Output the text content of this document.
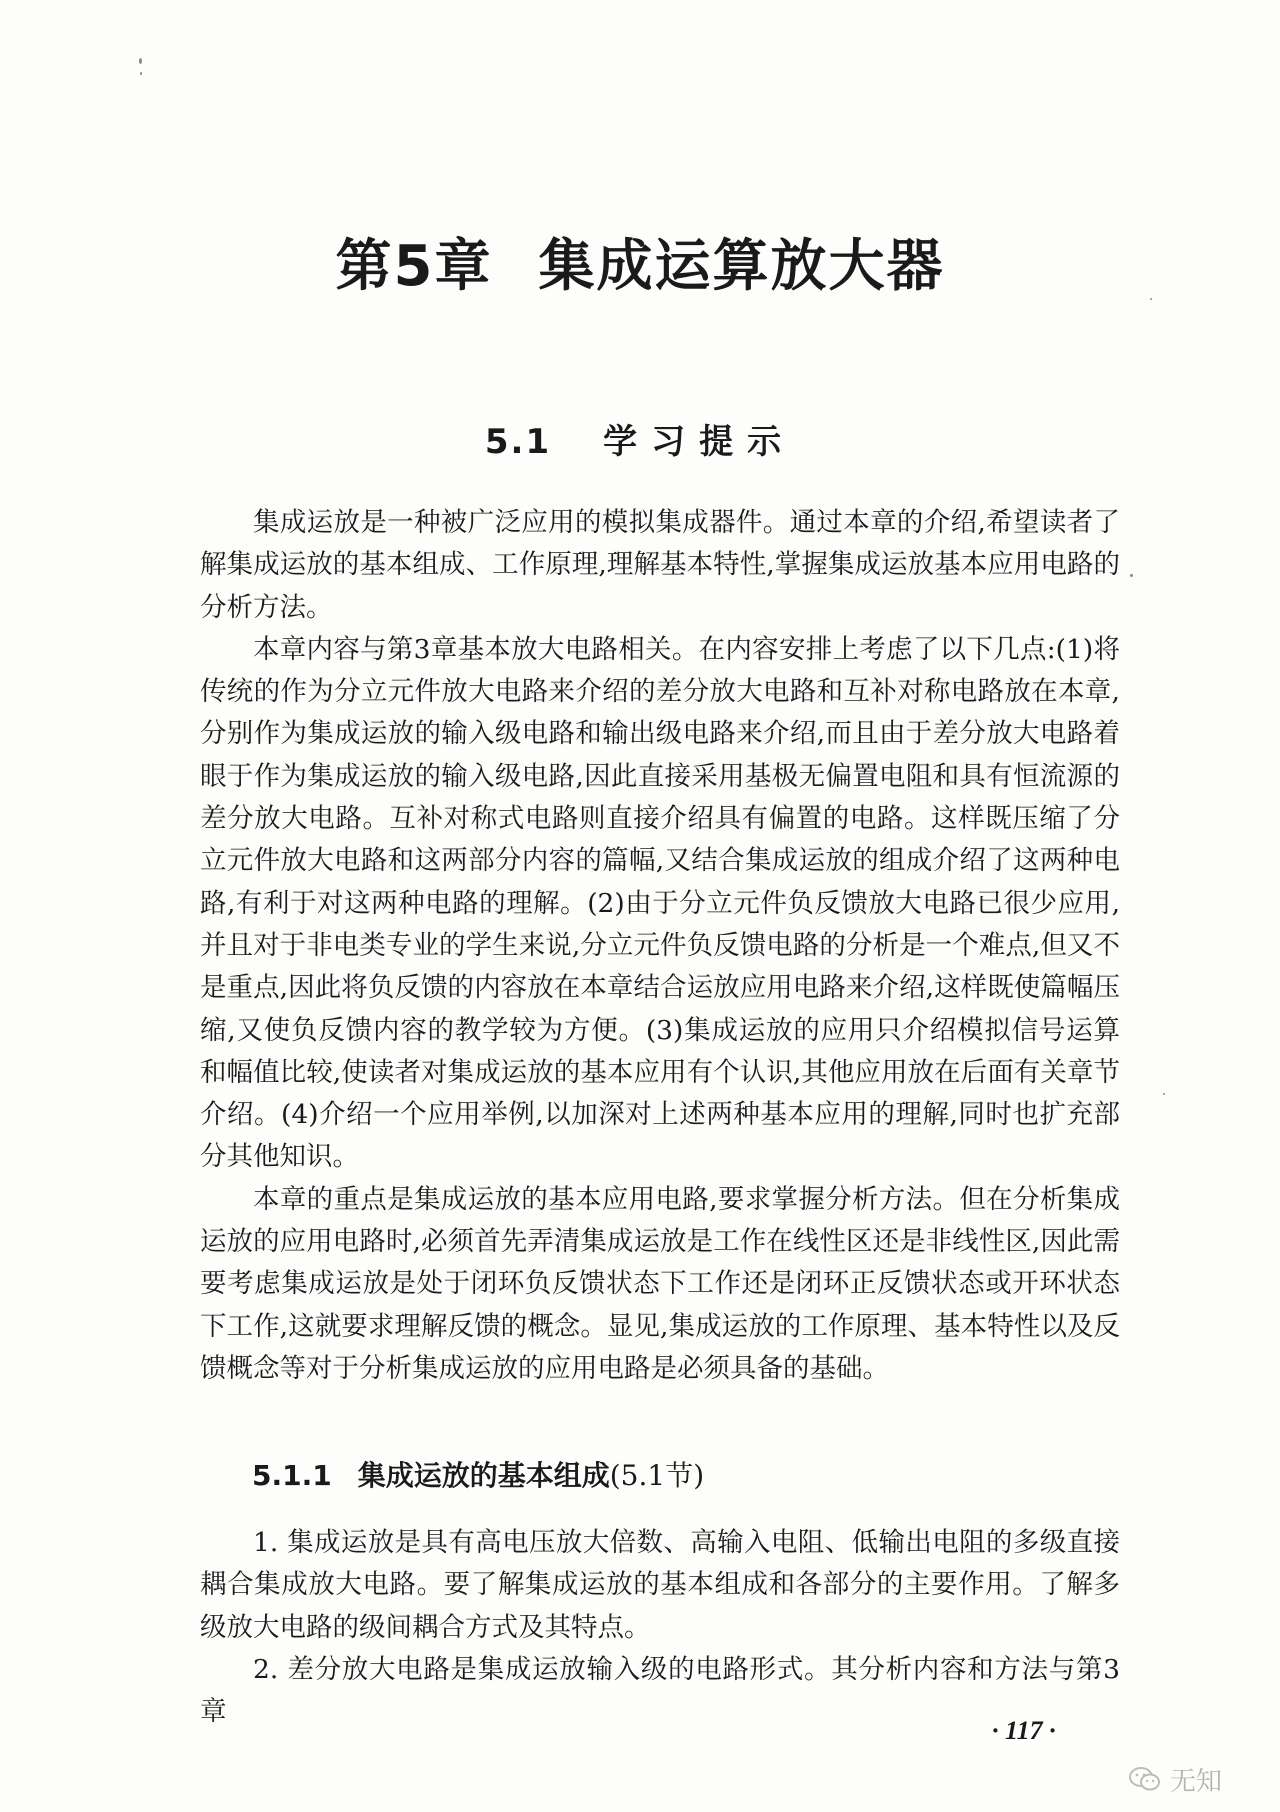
第5章 集成运算放大器
5.1 学习提示

集成运放是一种被广泛应用的模拟集成器件。通过本章的介绍,希望读者了解集成运放的基本组成、工作原理,理解基本特性,掌握集成运放基本应用电路的分析方法。

本章内容与第3章基本放大电路相关。在内容安排上考虑了以下几点:(1)将传统的作为分立元件放大电路来介绍的差分放大电路和互补对称电路放在本章,分别作为集成运放的输入级电路和输出级电路来介绍,而且由于差分放大电路着眼于作为集成运放的输入级电路,因此直接采用基极无偏置电阻和具有恒流源的差分放大电路。互补对称式电路则直接介绍具有偏置的电路。这样既压缩了分立元件放大电路和这两部分内容的篇幅,又结合集成运放的组成介绍了这两种电路,有利于对这两种电路的理解。(2)由于分立元件负反馈放大电路已很少应用,并且对于非电类专业的学生来说,分立元件负反馈电路的分析是一个难点,但又不是重点,因此将负反馈的内容放在本章结合运放应用电路来介绍,这样既使篇幅压缩,又使负反馈内容的教学较为方便。(3)集成运放的应用只介绍模拟信号运算和幅值比较,使读者对集成运放的基本应用有个认识,其他应用放在后面有关章节介绍。(4)介绍一个应用举例,以加深对上述两种基本应用的理解,同时也扩充部分其他知识。

本章的重点是集成运放的基本应用电路,要求掌握分析方法。但在分析集成运放的应用电路时,必须首先弄清集成运放是工作在线性区还是非线性区,因此需要考虑集成运放是处于闭环负反馈状态下工作还是闭环正反馈状态或开环状态下工作,这就要求理解反馈的概念。显见,集成运放的工作原理、基本特性以及反馈概念等对于分析集成运放的应用电路是必须具备的基础。

5.1.1 集成运放的基本组成(5.1节)

1. 集成运放是具有高电压放大倍数、高输入电阻、低输出电阻的多级直接耦合集成放大电路。要了解集成运放的基本组成和各部分的主要作用。了解多级放大电路的级间耦合方式及其特点。

2. 差分放大电路是集成运放输入级的电路形式。其分析内容和方法与第3章

· 117 ·
无知
